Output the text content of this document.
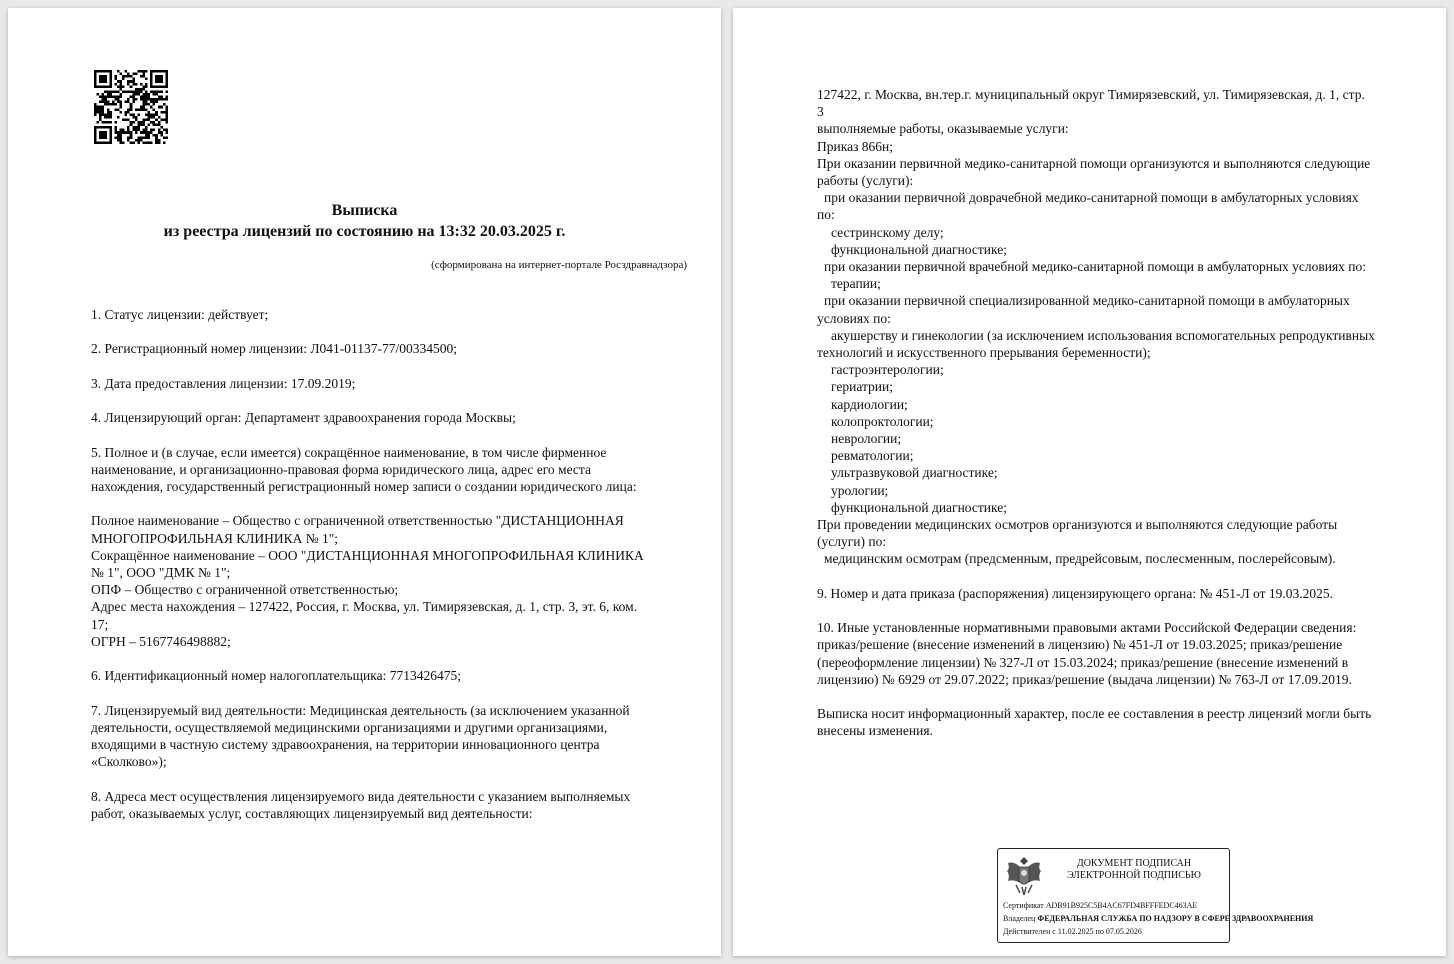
Выписка
из реестра лицензий по состоянию на 13:32 20.03.2025 г.
(сформирована на интернет-портале Росздравнадзора)

1. Статус лицензии: действует;

2. Регистрационный номер лицензии: Л041-01137-77/00334500;

3. Дата предоставления лицензии: 17.09.2019;

4. Лицензирующий орган: Департамент здравоохранения города Москвы;

5. Полное и (в случае, если имеется) сокращённое наименование, в том числе фирменное

наименование, и организационно-правовая форма юридического лица, адрес его места

нахождения, государственный регистрационный номер записи о создании юридического лица:

Полное наименование – Общество с ограниченной ответственностью "ДИСТАНЦИОННАЯ

МНОГОПРОФИЛЬНАЯ КЛИНИКА № 1";

Сокращённое наименование – ООО "ДИСТАНЦИОННАЯ МНОГОПРОФИЛЬНАЯ КЛИНИКА

№ 1", ООО "ДМК № 1";

ОПФ – Общество с ограниченной ответственностью;

Адрес места нахождения – 127422, Россия, г. Москва, ул. Тимирязевская, д. 1, стр. 3, эт. 6, ком.

17;

ОГРН – 5167746498882;

6. Идентификационный номер налогоплательщика: 7713426475;

7. Лицензируемый вид деятельности: Медицинская деятельность (за исключением указанной

деятельности, осуществляемой медицинскими организациями и другими организациями,

входящими в частную систему здравоохранения, на территории инновационного центра

«Сколково»);

8. Адреса мест осуществления лицензируемого вида деятельности с указанием выполняемых

работ, оказываемых услуг, составляющих лицензируемый вид деятельности:

127422, г. Москва, вн.тер.г. муниципальный округ Тимирязевский, ул. Тимирязевская, д. 1, стр.

3

выполняемые работы, оказываемые услуги:

Приказ 866н;

При оказании первичной медико-санитарной помощи организуются и выполняются следующие

работы (услуги):

при оказании первичной доврачебной медико-санитарной помощи в амбулаторных условиях

по:

сестринскому делу;

функциональной диагностике;

при оказании первичной врачебной медико-санитарной помощи в амбулаторных условиях по:

терапии;

при оказании первичной специализированной медико-санитарной помощи в амбулаторных

условиях по:

акушерству и гинекологии (за исключением использования вспомогательных репродуктивных

технологий и искусственного прерывания беременности);

гастроэнтерологии;

гериатрии;

кардиологии;

колопроктологии;

неврологии;

ревматологии;

ультразвуковой диагностике;

урологии;

функциональной диагностике;

При проведении медицинских осмотров организуются и выполняются следующие работы

(услуги) по:

медицинским осмотрам (предсменным, предрейсовым, послесменным, послерейсовым).

9. Номер и дата приказа (распоряжения) лицензирующего органа: № 451-Л от 19.03.2025.

10. Иные установленные нормативными правовыми актами Российской Федерации сведения:

приказ/решение (внесение изменений в лицензию) № 451-Л от 19.03.2025; приказ/решение

(переоформление лицензии) № 327-Л от 15.03.2024; приказ/решение (внесение изменений в

лицензию) № 6929 от 29.07.2022; приказ/решение (выдача лицензии) № 763-Л от 17.09.2019.

Выписка носит информационный характер, после ее составления в реестр лицензий могли быть

внесены изменения.

ДОКУМЕНТ ПОДПИСАН
ЭЛЕКТРОННОЙ ПОДПИСЬЮ
Сертификат ADB91B925C5B4AC67FD4BFFFEDC463AE
Владелец ФЕДЕРАЛЬНАЯ СЛУЖБА ПО НАДЗОРУ В СФЕРЕ ЗДРАВООХРАНЕНИЯ
Действителен с 11.02.2025 по 07.05.2026
